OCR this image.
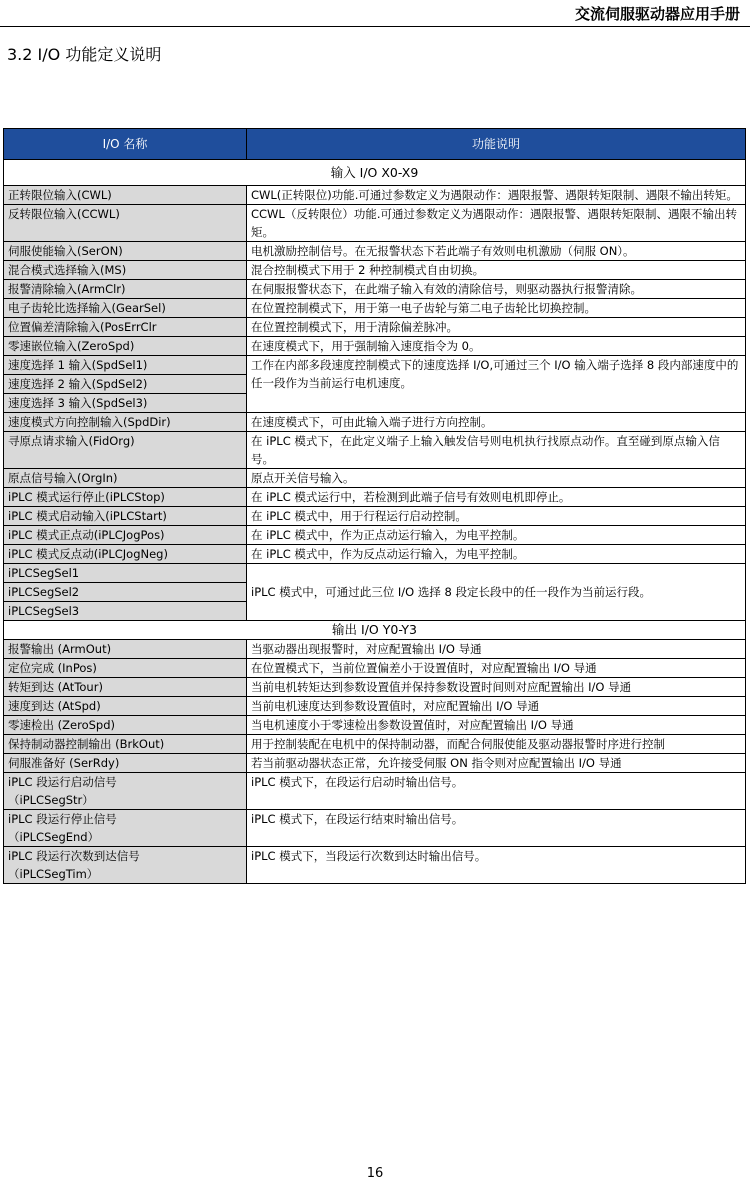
交流伺服驱动器应用手册
3.2 I/O 功能定义说明
I/O 名称	功能说明
输入 I/O X0-X9	
正转限位输入(CWL)	CWL(正转限位)功能.可通过参数定义为遇限动作：遇限报警、遇限转矩限制、遇限不输出转矩。
反转限位输入(CCWL)	CCWL（反转限位）功能.可通过参数定义为遇限动作：遇限报警、遇限转矩限制、遇限不输出转矩。
伺服使能输入(SerON)	电机激励控制信号。在无报警状态下若此端子有效则电机激励（伺服 ON）。
混合模式选择输入(MS)	混合控制模式下用于 2 种控制模式自由切换。
报警清除输入(ArmClr)	在伺服报警状态下，在此端子输入有效的清除信号，则驱动器执行报警清除。
电子齿轮比选择输入(GearSel)	在位置控制模式下，用于第一电子齿轮与第二电子齿轮比切换控制。
位置偏差清除输入(PosErrClr	在位置控制模式下，用于清除偏差脉冲。
零速嵌位输入(ZeroSpd)	在速度模式下，用于强制输入速度指令为 0。
速度选择 1 输入(SpdSel1)	工作在内部多段速度控制模式下的速度选择 I/O,可通过三个 I/O 输入端子选择 8 段内部速度中的任一段作为当前运行电机速度。
速度选择 2 输入(SpdSel2)	
速度选择 3 输入(SpdSel3)	
速度模式方向控制输入(SpdDir)	在速度模式下，可由此输入端子进行方向控制。
寻原点请求输入(FidOrg)	在 iPLC 模式下，在此定义端子上输入触发信号则电机执行找原点动作。直至碰到原点输入信号。
原点信号输入(OrgIn)	原点开关信号输入。
iPLC 模式运行停止(iPLCStop)	在 iPLC 模式运行中，若检测到此端子信号有效则电机即停止。
iPLC 模式启动输入(iPLCStart)	在 iPLC 模式中，用于行程运行启动控制。
iPLC 模式正点动(iPLCJogPos)	在 iPLC 模式中，作为正点动运行输入，为电平控制。
iPLC 模式反点动(iPLCJogNeg)	在 iPLC 模式中，作为反点动运行输入，为电平控制。
iPLCSegSel1	iPLC 模式中，可通过此三位 I/O 选择 8 段定长段中的任一段作为当前运行段。
iPLCSegSel2	
iPLCSegSel3	
输出 I/O Y0-Y3	
报警输出 (ArmOut)	当驱动器出现报警时，对应配置输出 I/O 导通
定位完成 (InPos)	在位置模式下，当前位置偏差小于设置值时，对应配置输出 I/O 导通
转矩到达 (AtTour)	当前电机转矩达到参数设置值并保持参数设置时间则对应配置输出 I/O 导通
速度到达 (AtSpd)	当前电机速度达到参数设置值时，对应配置输出 I/O 导通
零速检出 (ZeroSpd)	当电机速度小于零速检出参数设置值时，对应配置输出 I/O 导通
保持制动器控制输出 (BrkOut)	用于控制装配在电机中的保持制动器，而配合伺服使能及驱动器报警时序进行控制
伺服准备好 (SerRdy)	若当前驱动器状态正常，允许接受伺服 ON 指令则对应配置输出 I/O 导通
iPLC 段运行启动信号
（iPLCSegStr）	iPLC 模式下，在段运行启动时输出信号。
iPLC 段运行停止信号
（iPLCSegEnd）	iPLC 模式下，在段运行结束时输出信号。
iPLC 段运行次数到达信号
（iPLCSegTim）	iPLC 模式下，当段运行次数到达时输出信号。
16
